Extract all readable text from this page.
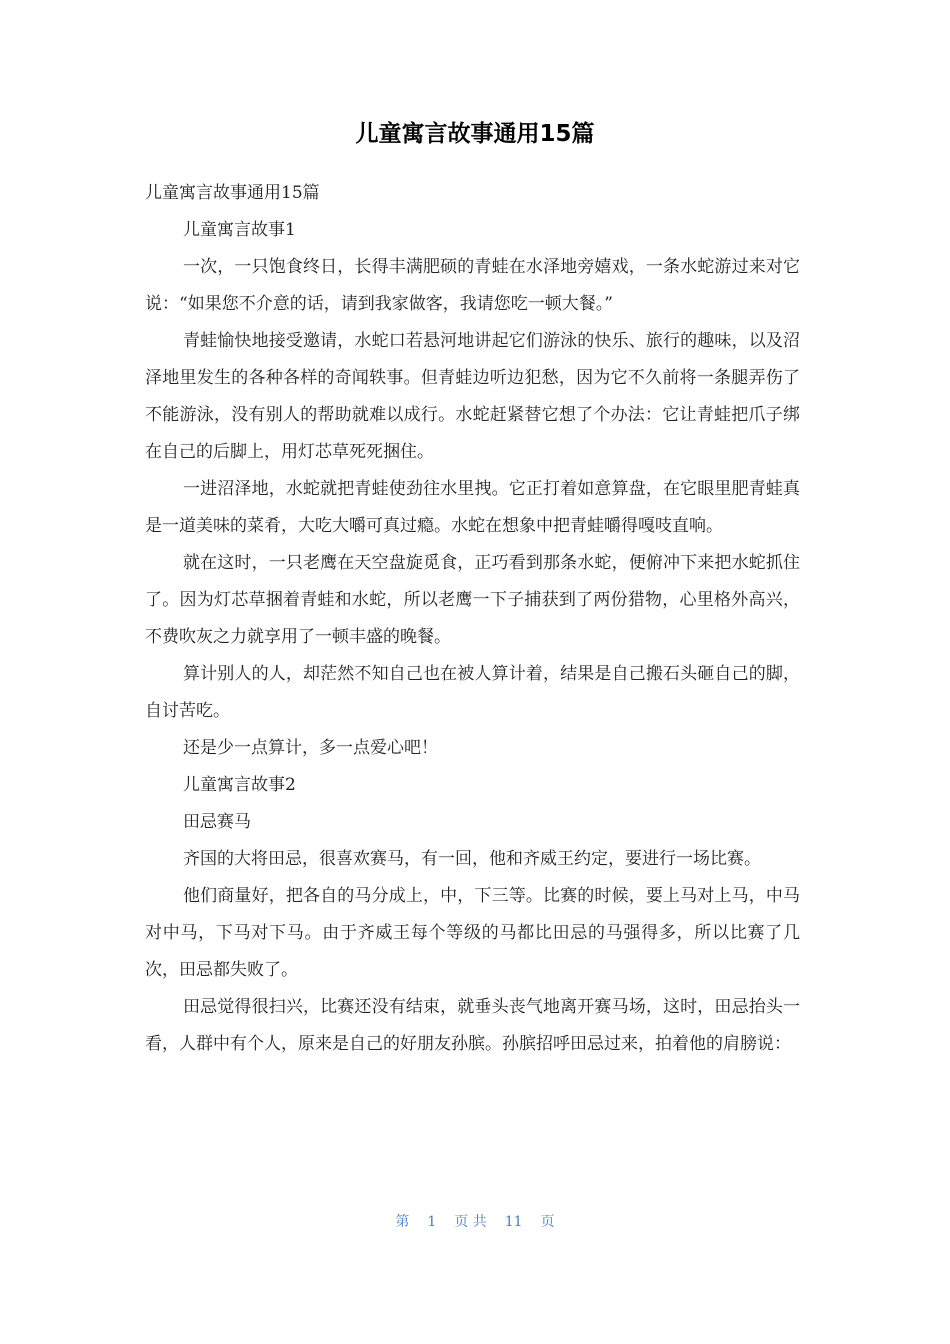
儿童寓言故事通用15篇

儿童寓言故事通用15篇

儿童寓言故事1

一次，一只饱食终日，长得丰满肥硕的青蛙在水泽地旁嬉戏，一条水蛇游过来对它说：“如果您不介意的话，请到我家做客，我请您吃一顿大餐。”

青蛙愉快地接受邀请，水蛇口若悬河地讲起它们游泳的快乐、旅行的趣味，以及沼泽地里发生的各种各样的奇闻轶事。但青蛙边听边犯愁，因为它不久前将一条腿弄伤了不能游泳，没有别人的帮助就难以成行。水蛇赶紧替它想了个办法：它让青蛙把爪子绑在自己的后脚上，用灯芯草死死捆住。

一进沼泽地，水蛇就把青蛙使劲往水里拽。它正打着如意算盘，在它眼里肥青蛙真是一道美味的菜肴，大吃大嚼可真过瘾。水蛇在想象中把青蛙嚼得嘎吱直响。

就在这时，一只老鹰在天空盘旋觅食，正巧看到那条水蛇，便俯冲下来把水蛇抓住了。因为灯芯草捆着青蛙和水蛇，所以老鹰一下子捕获到了两份猎物，心里格外高兴，不费吹灰之力就享用了一顿丰盛的晚餐。

算计别人的人，却茫然不知自己也在被人算计着，结果是自己搬石头砸自己的脚，自讨苦吃。

还是少一点算计，多一点爱心吧！

儿童寓言故事2

田忌赛马

齐国的大将田忌，很喜欢赛马，有一回，他和齐威王约定，要进行一场比赛。

他们商量好，把各自的马分成上，中，下三等。比赛的时候，要上马对上马，中马对中马，下马对下马。由于齐威王每个等级的马都比田忌的马强得多，所以比赛了几次，田忌都失败了。

田忌觉得很扫兴，比赛还没有结束，就垂头丧气地离开赛马场，这时，田忌抬头一看，人群中有个人，原来是自己的好朋友孙膑。孙膑招呼田忌过来，拍着他的肩膀说：

第 1 页 共 11 页
